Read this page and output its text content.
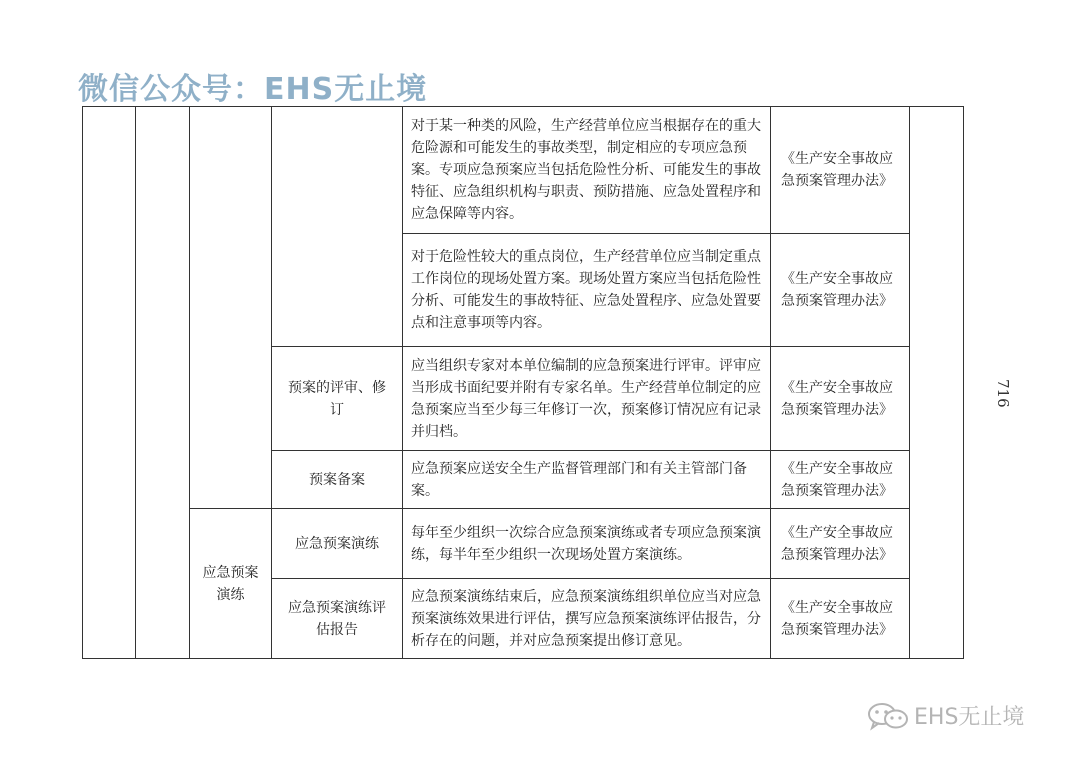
微信公众号：EHS无止境
				对于某一种类的风险，生产经营单位应当根据存在的重大危险源和可能发生的事故类型，制定相应的专项应急预案。专项应急预案应当包括危险性分析、可能发生的事故特征、应急组织机构与职责、预防措施、应急处置程序和应急保障等内容。	《生产安全事故应急预案管理办法》	
				对于危险性较大的重点岗位，生产经营单位应当制定重点工作岗位的现场处置方案。现场处置方案应当包括危险性分析、可能发生的事故特征、应急处置程序、应急处置要点和注意事项等内容。	《生产安全事故应急预案管理办法》	
			预案的评审、修订	应当组织专家对本单位编制的应急预案进行评审。评审应当形成书面纪要并附有专家名单。生产经营单位制定的应急预案应当至少每三年修订一次，预案修订情况应有记录并归档。	《生产安全事故应急预案管理办法》	
			预案备案	应急预案应送安全生产监督管理部门和有关主管部门备案。	《生产安全事故应急预案管理办法》	
		应急预案演练	应急预案演练	每年至少组织一次综合应急预案演练或者专项应急预案演练，每半年至少组织一次现场处置方案演练。	《生产安全事故应急预案管理办法》	
			应急预案演练评估报告	应急预案演练结束后，应急预案演练组织单位应当对应急预案演练效果进行评估，撰写应急预案演练评估报告，分析存在的问题，并对应急预案提出修订意见。	《生产安全事故应急预案管理办法》	
716
EHS无止境
